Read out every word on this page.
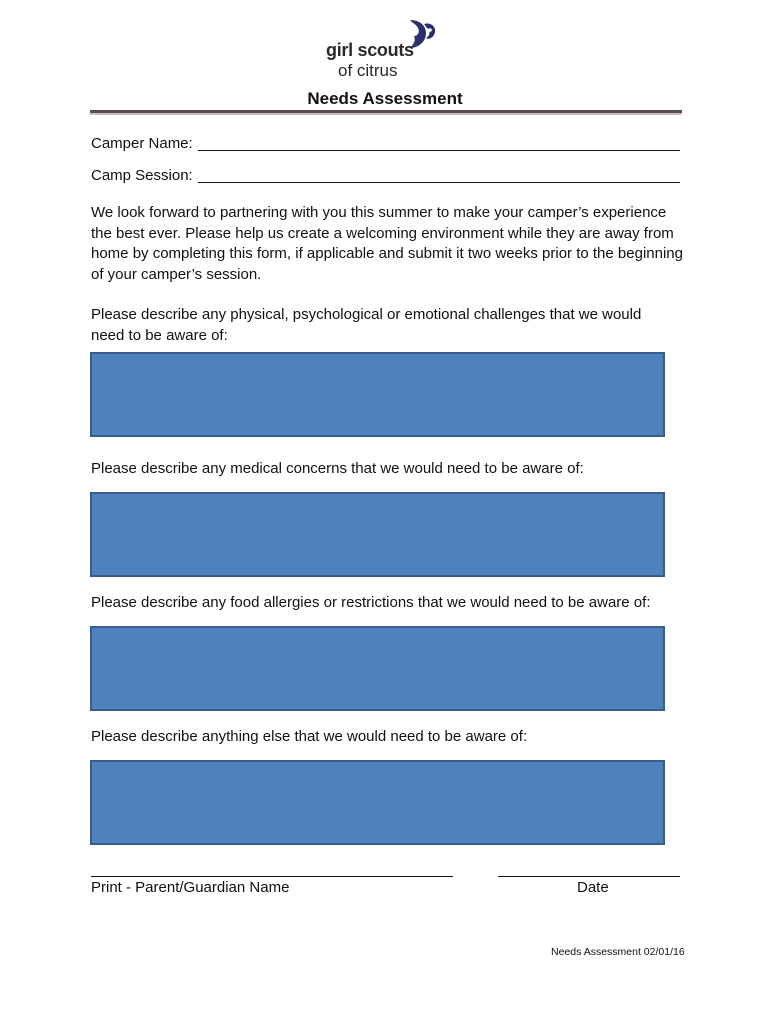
girl scouts
of citrus
Needs Assessment
Camper Name:
Camp Session:
We look forward to partnering with you this summer to make your camper’s experience the best ever. Please help us create a welcoming environment while they are away from home by completing this form, if applicable and submit it two weeks prior to the beginning of your camper’s session.
Please describe any physical, psychological or emotional challenges that we would need to be aware of:
Please describe any medical concerns that we would need to be aware of:
Please describe any food allergies or restrictions that we would need to be aware of:
Please describe anything else that we would need to be aware of:
Print - Parent/Guardian Name	Date
Needs Assessment 02/01/16
